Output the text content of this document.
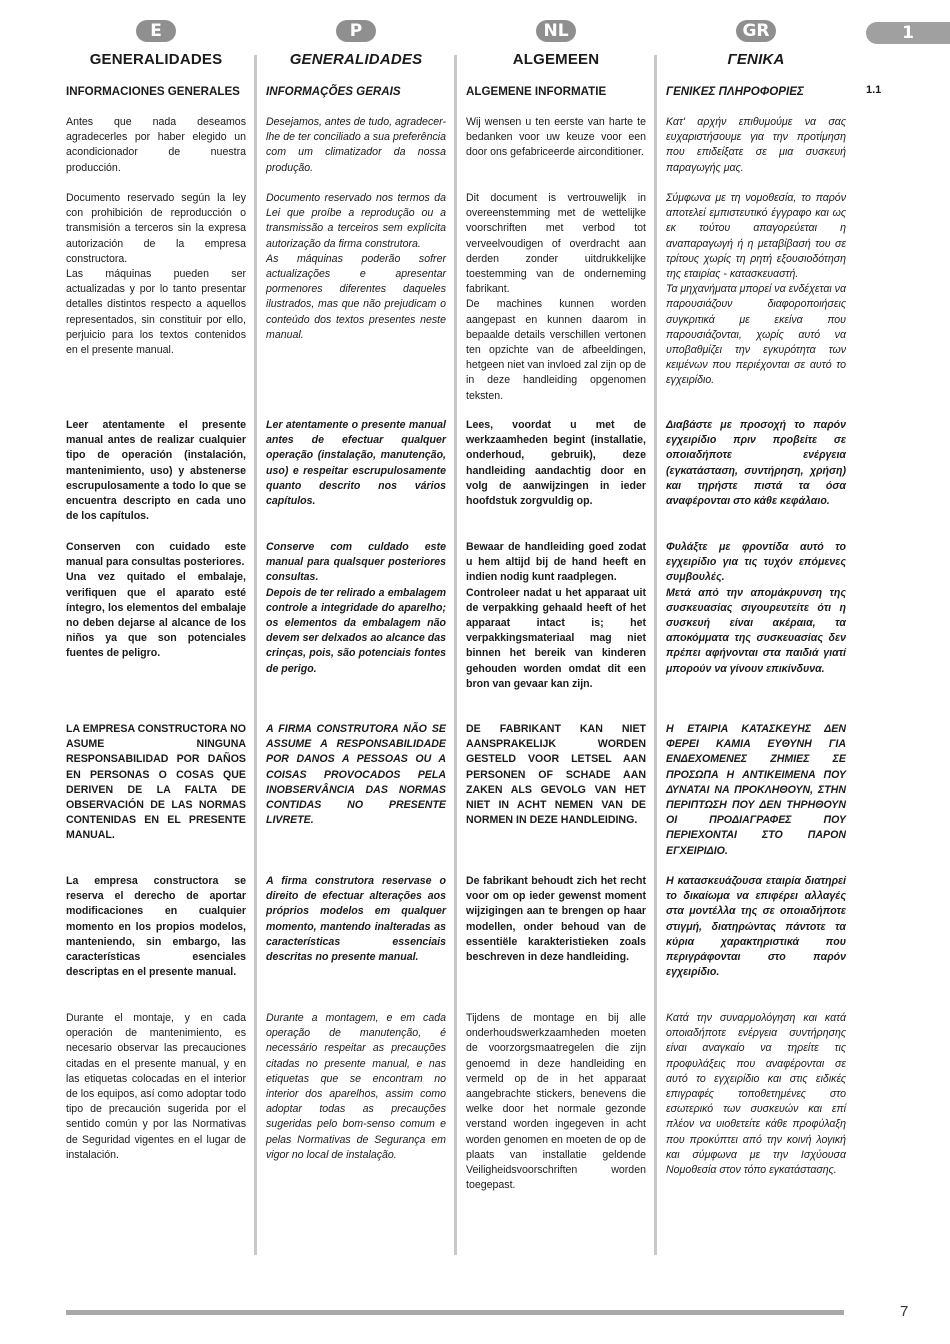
E
GENERALIDADES
INFORMACIONES GENERALES

Antes que nada deseamos agradecerles por haber elegido un acondicionador de nuestra producción.

Documento reservado según la ley con prohibición de reproducción o transmisión a terceros sin la expresa autorización de la empresa constructora.
Las máquinas pueden ser actualizadas y por lo tanto presentar detalles distintos respecto a aquellos representados, sin constituir por ello, perjuicio para los textos contenidos en el presente manual.

Leer atentamente el presente manual antes de realizar cualquier tipo de operación (instalación, mantenimiento, uso) y abstenerse escrupulosamente a todo lo que se encuentra descripto en cada uno de los capítulos.

Conserven con cuidado este manual para consultas posteriores.
Una vez quitado el embalaje, verifiquen que el aparato esté íntegro, los elementos del embalaje no deben dejarse al alcance de los niños ya que son potenciales fuentes de peligro.

LA EMPRESA CONSTRUCTORA NO ASUME NINGUNA RESPONSABILIDAD POR DAÑOS EN PERSONAS O COSAS QUE DERIVEN DE LA FALTA DE OBSERVACIÓN DE LAS NORMAS CONTENIDAS EN EL PRESENTE MANUAL.

La empresa constructora se reserva el derecho de aportar modificaciones en cualquier momento en los propios modelos, manteniendo, sin embargo, las características esenciales descriptas en el presente manual.

Durante el montaje, y en cada operación de mantenimiento, es necesario observar las precauciones citadas en el presente manual, y en las etiquetas colocadas en el interior de los equipos, así como adoptar todo tipo de precaución sugerida por el sentido común y por las Normativas de Seguridad vigentes en el lugar de instalación.

P
GENERALIDADES
INFORMAÇÕES GERAIS

Desejamos, antes de tudo, agradecer-lhe de ter conciliado a sua preferência com um climatizador da nossa produção.

Documento reservado nos termos da Lei que proíbe a reprodução ou a transmissão a terceiros sem explícita autorização da firma construtora.
As máquinas poderão sofrer actualizações e apresentar pormenores diferentes daqueles ilustrados, mas que não prejudicam o conteúdo dos textos presentes neste manual.

Ler atentamente o presente manual antes de efectuar qualquer operação (instalação, manutenção, uso) e respeitar escrupulosamente quanto descrito nos vários capítulos.

Conserve com culdado este manual para qualsquer posteriores consultas.
Depois de ter relirado a embalagem controle a integridade do aparelho; os elementos da embalagem não devem ser delxados ao alcance das crinças, pois, são potenciais fontes de perigo.

A FIRMA CONSTRUTORA NÃO SE ASSUME A RESPONSABILIDADE POR DANOS A PESSOAS OU A COISAS PROVOCADOS PELA INOBSERVÂNCIA DAS NORMAS CONTIDAS NO PRESENTE LIVRETE.

A firma construtora reservase o direito de efectuar alterações aos próprios modelos em qualquer momento, mantendo inalteradas as características essenciais descritas no presente manual.

Durante a montagem, e em cada operação de manutenção, é necessário respeitar as precauções citadas no presente manual, e nas etiquetas que se encontram no interior dos aparelhos, assim como adoptar todas as precauções sugeridas pelo bom-senso comum e pelas Normativas de Segurança em vigor no local de instalação.

NL
ALGEMEEN
ALGEMENE INFORMATIE

Wij wensen u ten eerste van harte te bedanken voor uw keuze voor een door ons gefabriceerde airconditioner.

Dit document is vertrouwelijk in overeenstemming met de wettelijke voorschriften met verbod tot verveelvoudigen of overdracht aan derden zonder uitdrukkelijke toestemming van de onderneming fabrikant.
De machines kunnen worden aangepast en kunnen daarom in bepaalde details verschillen vertonen ten opzichte van de afbeeldingen, hetgeen niet van invloed zal zijn op de in deze handleiding opgenomen teksten.

Lees, voordat u met de werkzaamheden begint (installatie, onderhoud, gebruik), deze handleiding aandachtig door en volg de aanwijzingen in ieder hoofdstuk zorgvuldig op.

Bewaar de handleiding goed zodat u hem altijd bij de hand heeft en indien nodig kunt raadplegen.
Controleer nadat u het apparaat uit de verpakking gehaald heeft of het apparaat intact is; het verpakkingsmateriaal mag niet binnen het bereik van kinderen gehouden worden omdat dit een bron van gevaar kan zijn.

DE FABRIKANT KAN NIET AANSPRAKELIJK WORDEN GESTELD VOOR LETSEL AAN PERSONEN OF SCHADE AAN ZAKEN ALS GEVOLG VAN HET NIET IN ACHT NEMEN VAN DE NORMEN IN DEZE HANDLEIDING.

De fabrikant behoudt zich het recht voor om op ieder gewenst moment wijzigingen aan te brengen op haar modellen, onder behoud van de essentiële karakteristieken zoals beschreven in deze handleiding.

Tijdens de montage en bij alle onderhoudswerkzaamheden moeten de voorzorgsmaatregelen die zijn genoemd in deze handleiding en vermeld op de in het apparaat aangebrachte stickers, benevens die welke door het normale gezonde verstand worden ingegeven in acht worden genomen en moeten de op de plaats van installatie geldende Veiligheidsvoorschriften worden toegepast.

GR
ΓΕΝΙΚΑ
ΓΕΝΙΚΕΣ ΠΛΗΡΟΦΟΡΙΕΣ

Κατ' αρχήν επιθυμούμε να σας ευχαριστήσουμε για την προτίμηση που επιδείξατε σε μια συσκευή παραγωγής μας.

Σύμφωνα με τη νομοθεσία, το παρόν αποτελεί εμπιστευτικό έγγραφο και ως εκ τούτου απαγορεύεται η αναπαραγωγή ή η μεταβίβασή του σε τρίτους χωρίς τη ρητή εξουσιοδότηση της εταιρίας - κατασκευαστή.
Τα μηχανήματα μπορεί να ενδέχεται να παρουσιάζουν διαφοροποιήσεις συγκριτικά με εκείνα που παρουσιάζονται, χωρίς αυτό να υποβαθμίζει την εγκυρότητα των κειμένων που περιέχονται σε αυτό το εγχειρίδιο.

Διαβάστε με προσοχή το παρόν εγχειρίδιο πριν προβείτε σε οποιαδήποτε ενέργεια (εγκατάσταση, συντήρηση, χρήση) και τηρήστε πιστά τα όσα αναφέρονται στο κάθε κεφάλαιο.

Φυλάξτε με φροντίδα αυτό το εγχειρίδιο για τις τυχόν επόμενες συμβουλές.
Μετά από την απομάκρυνση της συσκευασίας σιγουρευτείτε ότι η συσκευή είναι ακέραια, τα αποκόμματα της συσκευασίας δεν πρέπει αφήνονται στα παιδιά γιατί μπορούν να γίνουν επικίνδυνα.

Η ΕΤΑΙΡΙΑ ΚΑΤΑΣΚΕΥΗΣ ΔΕΝ ΦΕΡΕΙ ΚΑΜΙΑ ΕΥΘΥΝΗ ΓΙΑ ΕΝΔΕΧΟΜΕΝΕΣ ΖΗΜΙΕΣ ΣΕ ΠΡΟΣΩΠΑ Η ΑΝΤΙΚΕΙΜΕΝΑ ΠΟΥ ΔΥΝΑΤΑΙ ΝΑ ΠΡΟΚΛΗΘΟΥΝ, ΣΤΗΝ ΠΕΡΙΠΤΩΣΗ ΠΟΥ ΔΕΝ ΤΗΡΗΘΟΥΝ ΟΙ ΠΡΟΔΙΑΓΡΑΦΕΣ ΠΟΥ ΠΕΡΙΕΧΟΝΤΑΙ ΣΤΟ ΠΑΡΟΝ ΕΓΧΕΙΡΙΔΙΟ.

Η κατασκευάζουσα εταιρία διατηρεί το δικαίωμα να επιφέρει αλλαγές στα μοντέλλα της σε οποιαδήποτε στιγμή, διατηρώντας πάντοτε τα κύρια χαρακτηριστικά που περιγράφονται στο παρόν εγχειρίδιο.

Κατά την συναρμολόγηση και κατά οποιαδήποτε ενέργεια συντήρησης είναι αναγκαίο να τηρείτε τις προφυλάξεις που αναφέρονται σε αυτό το εγχειρίδιο και στις ειδικές επιγραφές τοποθετημένες στο εσωτερικό των συσκευών και επί πλέον να υιοθετείτε κάθε προφύλαξη που προκύπτει από την κοινή λογική και σύμφωνα με την Ισχύουσα Νομοθεσία στον τόπο εγκατάστασης.

1
1.1
7
